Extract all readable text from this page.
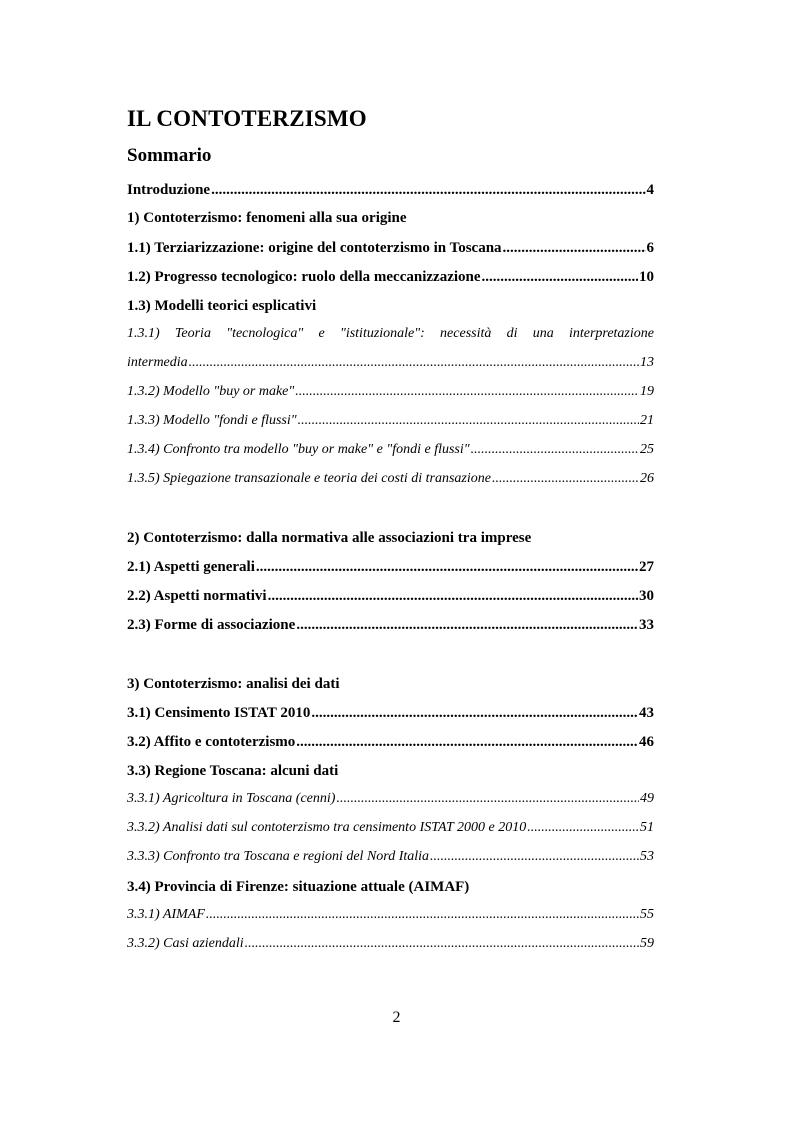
IL CONTOTERZISMO
Sommario
Introduzione .....	4
1) Contoterzismo: fenomeni alla sua origine
1.1) Terziarizzazione: origine del contoterzismo in Toscana .....	6
1.2) Progresso tecnologico: ruolo della meccanizzazione .....	10
1.3) Modelli teorici esplicativi
1.3.1) Teoria "tecnologica" e "istituzionale": necessità di una interpretazione
intermedia .....	13
1.3.2) Modello "buy or make" .....	19
1.3.3) Modello "fondi e flussi" .....	21
1.3.4) Confronto tra modello "buy or make" e "fondi e flussi" .....	25
1.3.5) Spiegazione transazionale e teoria dei costi di transazione .....	26
2) Contoterzismo: dalla normativa alle associazioni tra imprese
2.1) Aspetti generali .....	27
2.2) Aspetti normativi .....	30
2.3) Forme di associazione .....	33
3) Contoterzismo: analisi dei dati
3.1) Censimento ISTAT 2010 .....	43
3.2) Affito e contoterzismo .....	46
3.3) Regione Toscana: alcuni dati
3.3.1) Agricoltura in Toscana (cenni) .....	49
3.3.2) Analisi dati sul contoterzismo tra censimento ISTAT 2000 e 2010 .....	51
3.3.3) Confronto tra Toscana e regioni del Nord Italia .....	53
3.4) Provincia di Firenze: situazione attuale (AIMAF)
3.3.1) AIMAF .....	55
3.3.2) Casi aziendali .....	59
2
